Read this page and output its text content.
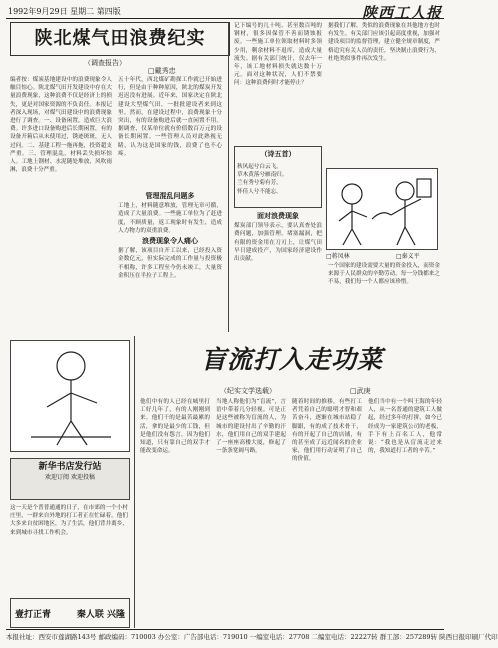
1992年9月29日 星期二 第四版	陕西工人报
陕北煤气田浪费纪实
（调查报告）
□戴秀忠
编者按：煤炭基地建设中的浪费现象令人触目惊心。陕北煤气田开发建设中存在大量浪费现象，这种浪费不仅是经济上的损失，更是对国家资源的不负责任。本报记者深入现场，对煤气田建设中的浪费现象进行了调查。一、设备闲置，造成巨大浪费。许多进口设备购进后长期闲置，有的设备开箱后从未使用过，锈迹斑斑，无人过问。二、基建工程一拖再拖，投资超支严重。三、管理混乱，材料丢失损坏惊人。工地上钢材、水泥随处堆放，风吹雨淋，浪费十分严重。
五十年代，西北煤矿勘探工作就已开始进行，但是由于种种原因，陕北的煤炭开发迟迟没有进展。近年来，国家决定在陕北建设大型煤气田，一批批建设者来到这里。然而，在建设过程中，浪费现象十分突出，有的设备购进后就一直闲置不用。据调查，仅某单位就有价值数百万元的设备长期闲置。一些管理人员对此熟视无睹，认为这是国家的钱，浪费了也不心疼。
管理混乱问题多
工地上，材料随意堆放，管理无章可循，造成了大量浪费。一些施工单位为了赶进度，不顾质量，返工现象时有发生，造成人力物力的双重浪费。
浪费现象令人痛心
据了解，该项目自开工以来，已经投入资金数亿元，但实际完成的工作量与投资极不相称，许多工程至今仍未竣工，大量资金积压在半拉子工程上。
记下编号的几十吨、甚至数百吨的钢材，很多因保管不善而锈蚀报废。一些施工单位领取材料时多领少用，剩余材料不退库，造成大量流失。据有关部门统计，仅去年一年，该工地材料损失就达数十万元。面对这种状况，人们不禁要问：这种浪费何时才能停止？
（诗五首）
秋风起兮白云飞，
草木黄落兮雁南归。
兰有秀兮菊有芳，
怀佳人兮不能忘。
面对浪费现象
煤炭部门领导表示，要认真查处浪费问题，加强管理，堵塞漏洞，把有限的资金用在刀刃上，让煤气田早日建成投产，为国家经济建设作出贡献。	□蒋凤林	□秦义平
据我们了解，类似的浪费现象在其他地方也时有发生。有关部门应该引起高度重视，加强对建设项目的监督管理，建立健全规章制度，严格追究有关人员的责任，坚决制止浪费行为，杜绝类似事件再次发生。
一个国家的建设需要大量的资金投入，而资金来源于人民群众的辛勤劳动。每一分钱都来之不易，我们每一个人都应该珍惜。
新华书店发行站
欢迎订阅 欢迎投稿
这一天是个普普通通的日子，在市郊的一个小村庄里，一群来自外地的打工者正在忙碌着。他们大多来自贫困地区，为了生活，他们背井离乡，来到城市寻找工作机会。
壹打正青	秦人联 兴隆
盲流打入走功菜
（纪实文学选载）	□武庚
他们中有的人已经在城里打工好几年了，有的人刚刚到来。他们干的是最苦最累的活，拿的是最少的工钱，但是他们没有怨言，因为他们知道，只有靠自己的双手才能改变命运。
当地人称他们为“盲流”，言语中带着几分轻视。可是正是这些被称为盲流的人，为城市的建设付出了辛勤的汗水，他们用自己的双手建起了一座座高楼大厦，修起了一条条宽阔马路。
随着时间的推移，有些打工者凭着自己的聪明才智和艰苦奋斗，逐渐在城市站稳了脚跟，有的成了技术骨干，有的开起了自己的店铺，有的甚至成了远近闻名的企业家，他们用行动证明了自己的价值。
他们当中有一个叫王海的年轻人，从一名普通的建筑工人做起，经过多年的打拼，如今已经成为一家建筑公司的老板，手下有上百名工人，他常说：“我也是从盲流走过来的，我知道打工者的辛苦。”
本报社址：西安市莲湖路143号 邮政编码：710003 办公室：广告部电话：719010 一编室电话：27708 二编室电话：22227转 群工部：257289转 陕西日报印刷厂代印
